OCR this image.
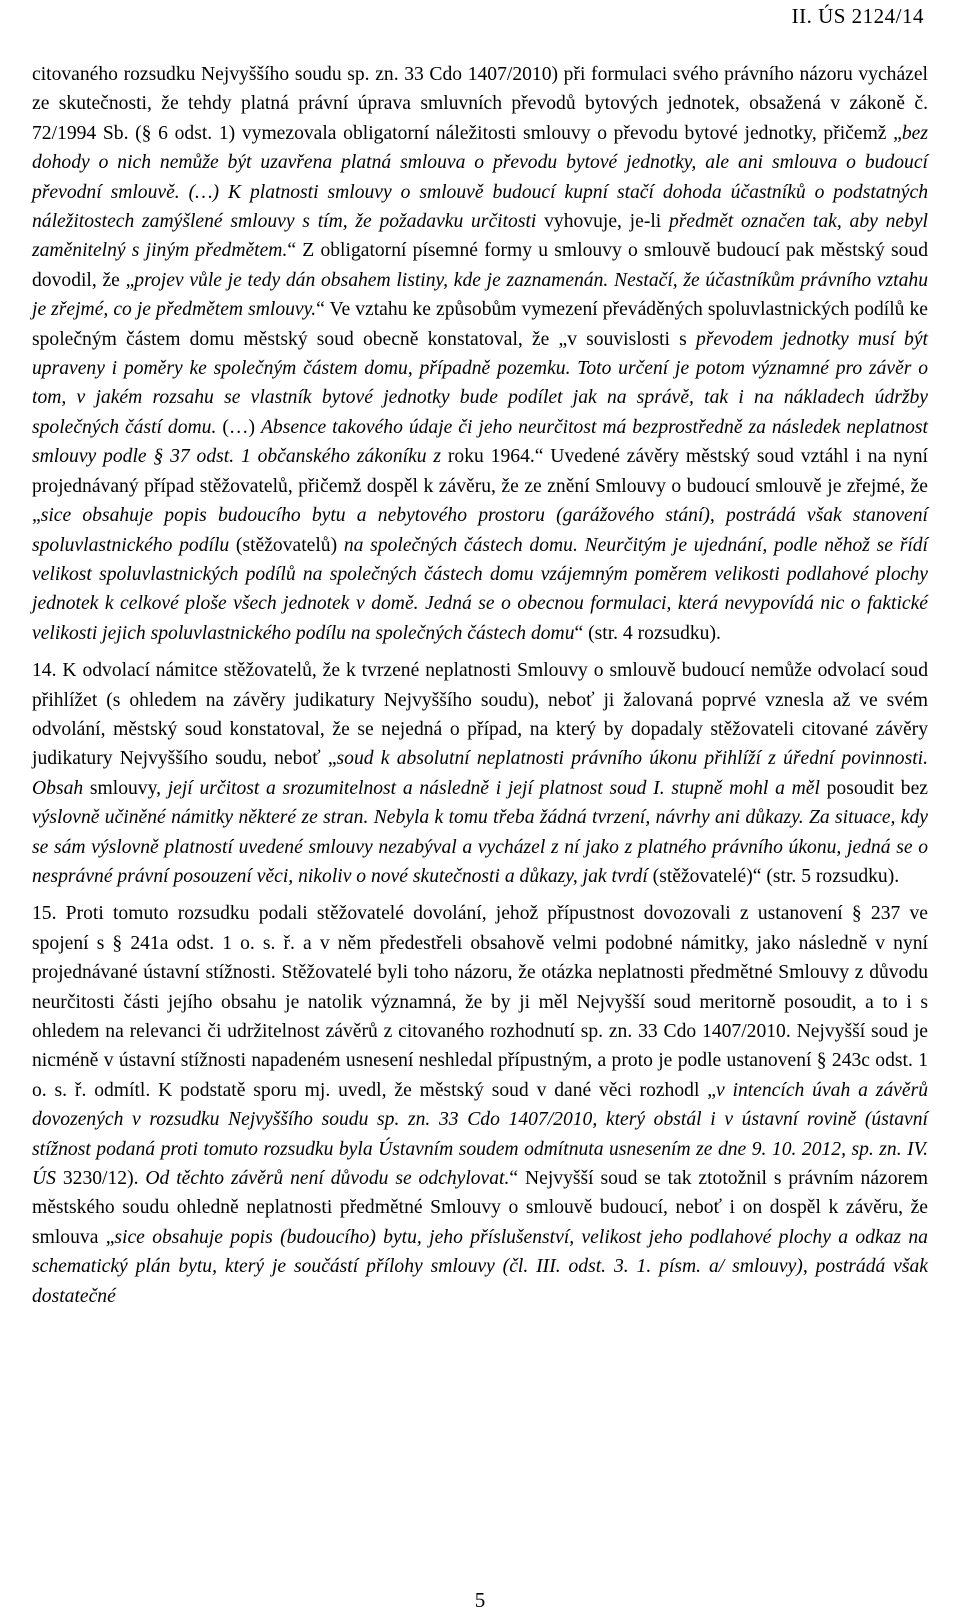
II. ÚS 2124/14

citovaného rozsudku Nejvyššího soudu sp. zn. 33 Cdo 1407/2010) při formulaci svého právního názoru vycházel ze skutečnosti, že tehdy platná právní úprava smluvních převodů bytových jednotek, obsažená v zákoně č. 72/1994 Sb. (§ 6 odst. 1) vymezovala obligatorní náležitosti smlouvy o převodu bytové jednotky, přičemž „bez dohody o nich nemůže být uzavřena platná smlouva o převodu bytové jednotky, ale ani smlouva o budoucí převodní smlouvě. (…) K platnosti smlouvy o smlouvě budoucí kupní stačí dohoda účastníků o podstatných náležitostech zamýšlené smlouvy s tím, že požadavku určitosti vyhovuje, je-li předmět označen tak, aby nebyl zaměnitelný s jiným předmětem.“ Z obligatorní písemné formy u smlouvy o smlouvě budoucí pak městský soud dovodil, že „projev vůle je tedy dán obsahem listiny, kde je zaznamenán. Nestačí, že účastníkům právního vztahu je zřejmé, co je předmětem smlouvy.“ Ve vztahu ke způsobům vymezení převáděných spoluvlastnických podílů ke společným částem domu městský soud obecně konstatoval, že „v souvislosti s převodem jednotky musí být upraveny i poměry ke společným částem domu, případně pozemku. Toto určení je potom významné pro závěr o tom, v jakém rozsahu se vlastník bytové jednotky bude podílet jak na správě, tak i na nákladech údržby společných částí domu. (…) Absence takového údaje či jeho neurčitost má bezprostředně za následek neplatnost smlouvy podle § 37 odst. 1 občanského zákoníku z roku 1964.“ Uvedené závěry městský soud vztáhl i na nyní projednávaný případ stěžovatelů, přičemž dospěl k závěru, že ze znění Smlouvy o budoucí smlouvě je zřejmé, že „sice obsahuje popis budoucího bytu a nebytového prostoru (garážového stání), postrádá však stanovení spoluvlastnického podílu (stěžovatelů) na společných částech domu. Neurčitým je ujednání, podle něhož se řídí velikost spoluvlastnických podílů na společných částech domu vzájemným poměrem velikosti podlahové plochy jednotek k celkové ploše všech jednotek v domě. Jedná se o obecnou formulaci, která nevypovídá nic o faktické velikosti jejich spoluvlastnického podílu na společných částech domu“ (str. 4 rozsudku).

14. K odvolací námitce stěžovatelů, že k tvrzené neplatnosti Smlouvy o smlouvě budoucí nemůže odvolací soud přihlížet (s ohledem na závěry judikatury Nejvyššího soudu), neboť ji žalovaná poprvé vznesla až ve svém odvolání, městský soud konstatoval, že se nejedná o případ, na který by dopadaly stěžovateli citované závěry judikatury Nejvyššího soudu, neboť „soud k absolutní neplatnosti právního úkonu přihlíží z úřední povinnosti. Obsah smlouvy, její určitost a srozumitelnost a následně i její platnost soud I. stupně mohl a měl posoudit bez výslovně učiněné námitky některé ze stran. Nebyla k tomu třeba žádná tvrzení, návrhy ani důkazy. Za situace, kdy se sám výslovně platností uvedené smlouvy nezabýval a vycházel z ní jako z platného právního úkonu, jedná se o nesprávné právní posouzení věci, nikoliv o nové skutečnosti a důkazy, jak tvrdí (stěžovatelé)“ (str. 5 rozsudku).

15. Proti tomuto rozsudku podali stěžovatelé dovolání, jehož přípustnost dovozovali z ustanovení § 237 ve spojení s § 241a odst. 1 o. s. ř. a v něm předestřeli obsahově velmi podobné námitky, jako následně v nyní projednávané ústavní stížnosti. Stěžovatelé byli toho názoru, že otázka neplatnosti předmětné Smlouvy z důvodu neurčitosti části jejího obsahu je natolik významná, že by ji měl Nejvyšší soud meritorně posoudit, a to i s ohledem na relevanci či udržitelnost závěrů z citovaného rozhodnutí sp. zn. 33 Cdo 1407/2010. Nejvyšší soud je nicméně v ústavní stížnosti napadeném usnesení neshledal přípustným, a proto je podle ustanovení § 243c odst. 1 o. s. ř. odmítl. K podstatě sporu mj. uvedl, že městský soud v dané věci rozhodl „v intencích úvah a závěrů dovozených v rozsudku Nejvyššího soudu sp. zn. 33 Cdo 1407/2010, který obstál i v ústavní rovině (ústavní stížnost podaná proti tomuto rozsudku byla Ústavním soudem odmítnuta usnesením ze dne 9. 10. 2012, sp. zn. IV. ÚS 3230/12). Od těchto závěrů není důvodu se odchylovat.“ Nejvyšší soud se tak ztotožnil s právním názorem městského soudu ohledně neplatnosti předmětné Smlouvy o smlouvě budoucí, neboť i on dospěl k závěru, že smlouva „sice obsahuje popis (budoucího) bytu, jeho příslušenství, velikost jeho podlahové plochy a odkaz na schematický plán bytu, který je součástí přílohy smlouvy (čl. III. odst. 3. 1. písm. a/ smlouvy), postrádá však dostatečné

5
